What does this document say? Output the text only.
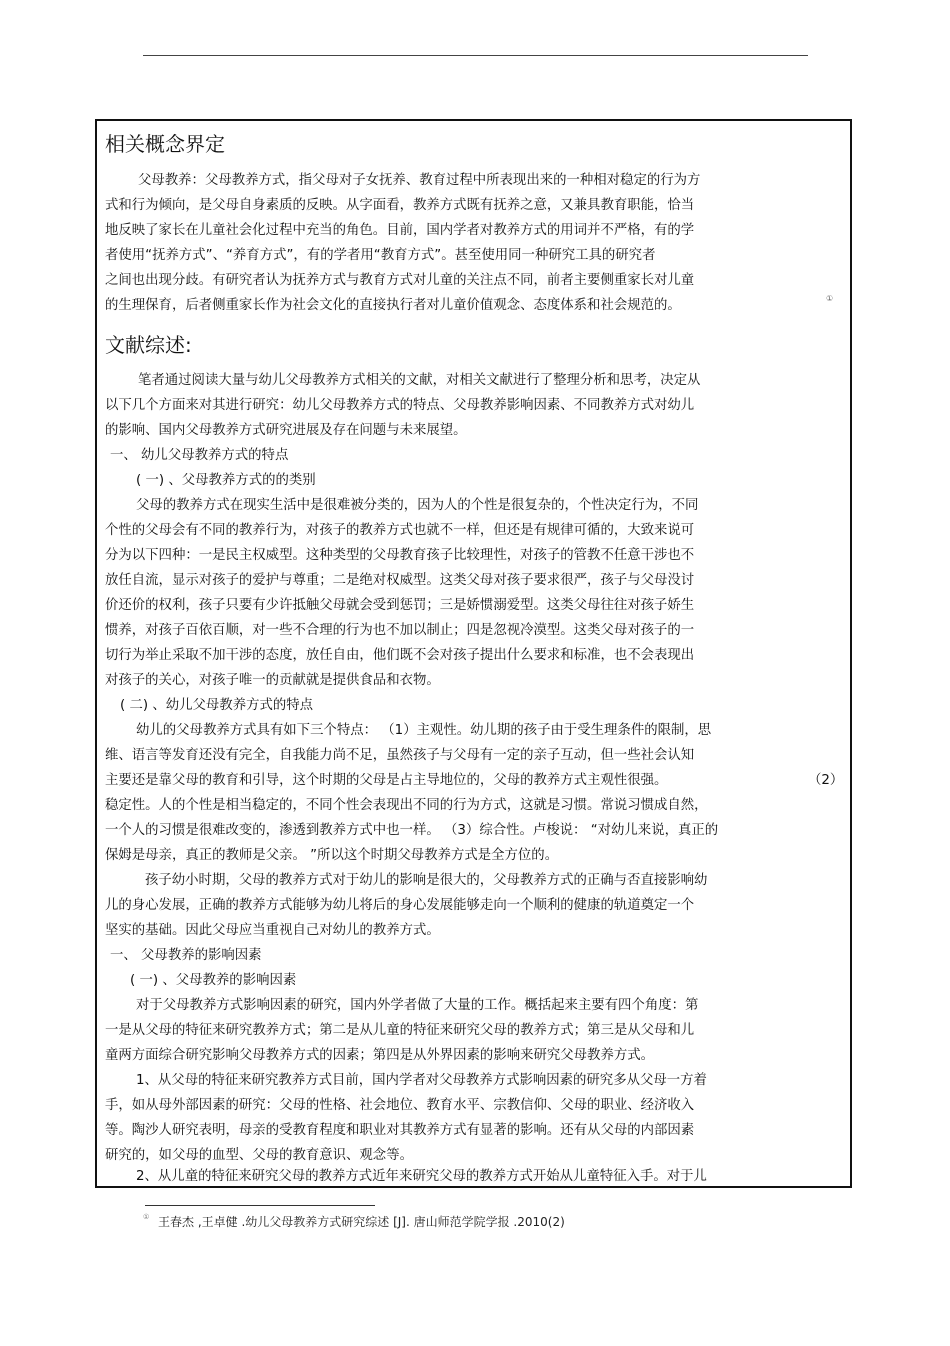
相关概念界定
父母教养：父母教养方式，指父母对子女抚养、教育过程中所表现出来的一种相对稳定的行为方
式和行为倾向，是父母自身素质的反映。从字面看，教养方式既有抚养之意，又兼具教育职能，恰当
地反映了家长在儿童社会化过程中充当的角色。目前，国内学者对教养方式的用词并不严格，有的学
者使用“抚养方式”、“养育方式”，有的学者用“教育方式”。甚至使用同一种研究工具的研究者
之间也出现分歧。有研究者认为抚养方式与教育方式对儿童的关注点不同，前者主要侧重家长对儿童
的生理保育，后者侧重家长作为社会文化的直接执行者对儿童价值观念、态度体系和社会规范的。	①
文献综述:
笔者通过阅读大量与幼儿父母教养方式相关的文献，对相关文献进行了整理分析和思考，决定从
以下几个方面来对其进行研究：幼儿父母教养方式的特点、父母教养影响因素、不同教养方式对幼儿
的影响、国内父母教养方式研究进展及存在问题与未来展望。
一、 幼儿父母教养方式的特点
( 一) 、父母教养方式的的类别
父母的教养方式在现实生活中是很难被分类的，因为人的个性是很复杂的，个性决定行为，不同
个性的父母会有不同的教养行为，对孩子的教养方式也就不一样，但还是有规律可循的，大致来说可
分为以下四种：一是民主权威型。这种类型的父母教育孩子比较理性，对孩子的管教不任意干涉也不
放任自流，显示对孩子的爱护与尊重；二是绝对权威型。这类父母对孩子要求很严，孩子与父母没讨
价还价的权利，孩子只要有少许抵触父母就会受到惩罚；三是娇惯溺爱型。这类父母往往对孩子娇生
惯养，对孩子百依百顺，对一些不合理的行为也不加以制止；四是忽视冷漠型。这类父母对孩子的一
切行为举止采取不加干涉的态度，放任自由，他们既不会对孩子提出什么要求和标准，也不会表现出
对孩子的关心，对孩子唯一的贡献就是提供食品和衣物。
( 二) 、幼儿父母教养方式的特点
幼儿的父母教养方式具有如下三个特点： （1）主观性。幼儿期的孩子由于受生理条件的限制，思
维、语言等发育还没有完全，自我能力尚不足，虽然孩子与父母有一定的亲子互动，但一些社会认知
主要还是靠父母的教育和引导，这个时期的父母是占主导地位的，父母的教养方式主观性很强。	（2）
稳定性。人的个性是相当稳定的，不同个性会表现出不同的行为方式，这就是习惯。常说习惯成自然，
一个人的习惯是很难改变的，渗透到教养方式中也一样。 （3）综合性。卢梭说： “对幼儿来说，真正的
保姆是母亲，真正的教师是父亲。 ”所以这个时期父母教养方式是全方位的。
孩子幼小时期，父母的教养方式对于幼儿的影响是很大的，父母教养方式的正确与否直接影响幼
儿的身心发展，正确的教养方式能够为幼儿将后的身心发展能够走向一个顺利的健康的轨道奠定一个
坚实的基础。因此父母应当重视自己对幼儿的教养方式。
一、 父母教养的影响因素
( 一) 、父母教养的影响因素
对于父母教养方式影响因素的研究，国内外学者做了大量的工作。概括起来主要有四个角度：第
一是从父母的特征来研究教养方式；第二是从儿童的特征来研究父母的教养方式；第三是从父母和儿
童两方面综合研究影响父母教养方式的因素；第四是从外界因素的影响来研究父母教养方式。
1、从父母的特征来研究教养方式目前，国内学者对父母教养方式影响因素的研究多从父母一方着
手，如从母外部因素的研究：父母的性格、社会地位、教育水平、宗教信仰、父母的职业、经济收入
等。陶沙人研究表明，母亲的受教育程度和职业对其教养方式有显著的影响。还有从父母的内部因素
研究的，如父母的血型、父母的教育意识、观念等。
2、从儿童的特征来研究父母的教养方式近年来研究父母的教养方式开始从儿童特征入手。对于儿
① 王春杰 ,王卓健 .幼儿父母教养方式研究综述 [J]. 唐山师范学院学报 .2010(2)
